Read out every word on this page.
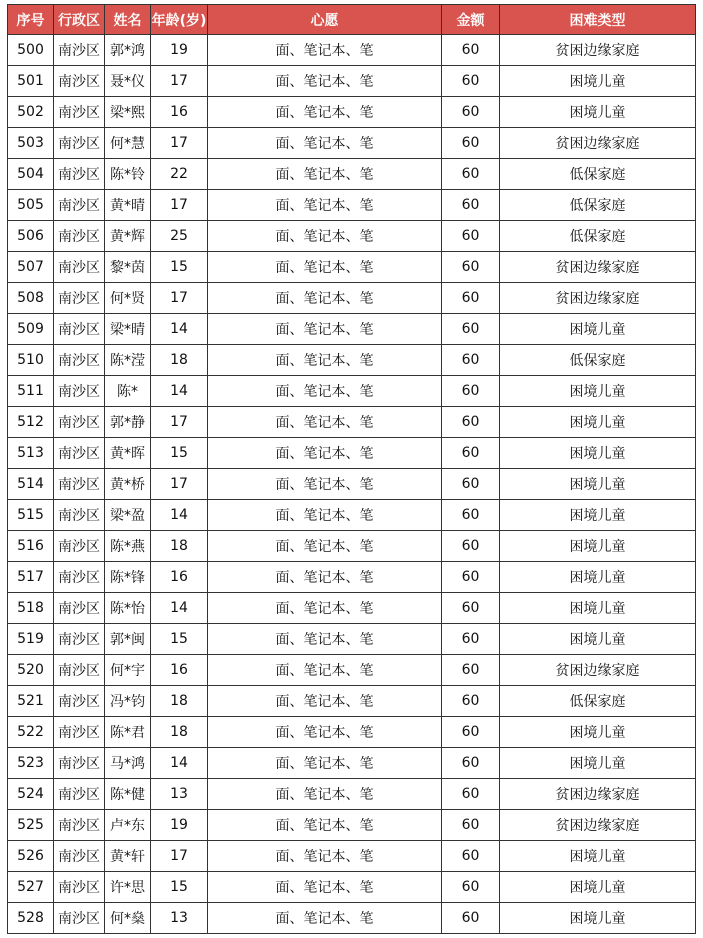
序号	行政区	姓名	年龄(岁)	心愿	金额	困难类型
500	南沙区	郭*鸿	19	面、笔记本、笔	60	贫困边缘家庭
501	南沙区	聂*仪	17	面、笔记本、笔	60	困境儿童
502	南沙区	梁*熙	16	面、笔记本、笔	60	困境儿童
503	南沙区	何*慧	17	面、笔记本、笔	60	贫困边缘家庭
504	南沙区	陈*铃	22	面、笔记本、笔	60	低保家庭
505	南沙区	黄*晴	17	面、笔记本、笔	60	低保家庭
506	南沙区	黄*辉	25	面、笔记本、笔	60	低保家庭
507	南沙区	黎*茵	15	面、笔记本、笔	60	贫困边缘家庭
508	南沙区	何*贤	17	面、笔记本、笔	60	贫困边缘家庭
509	南沙区	梁*晴	14	面、笔记本、笔	60	困境儿童
510	南沙区	陈*滢	18	面、笔记本、笔	60	低保家庭
511	南沙区	陈*	14	面、笔记本、笔	60	困境儿童
512	南沙区	郭*静	17	面、笔记本、笔	60	困境儿童
513	南沙区	黄*晖	15	面、笔记本、笔	60	困境儿童
514	南沙区	黄*桥	17	面、笔记本、笔	60	困境儿童
515	南沙区	梁*盈	14	面、笔记本、笔	60	困境儿童
516	南沙区	陈*燕	18	面、笔记本、笔	60	困境儿童
517	南沙区	陈*锋	16	面、笔记本、笔	60	困境儿童
518	南沙区	陈*怡	14	面、笔记本、笔	60	困境儿童
519	南沙区	郭*闽	15	面、笔记本、笔	60	困境儿童
520	南沙区	何*宇	16	面、笔记本、笔	60	贫困边缘家庭
521	南沙区	冯*钧	18	面、笔记本、笔	60	低保家庭
522	南沙区	陈*君	18	面、笔记本、笔	60	困境儿童
523	南沙区	马*鸿	14	面、笔记本、笔	60	困境儿童
524	南沙区	陈*健	13	面、笔记本、笔	60	贫困边缘家庭
525	南沙区	卢*东	19	面、笔记本、笔	60	贫困边缘家庭
526	南沙区	黄*轩	17	面、笔记本、笔	60	困境儿童
527	南沙区	许*思	15	面、笔记本、笔	60	困境儿童
528	南沙区	何*燊	13	面、笔记本、笔	60	困境儿童
